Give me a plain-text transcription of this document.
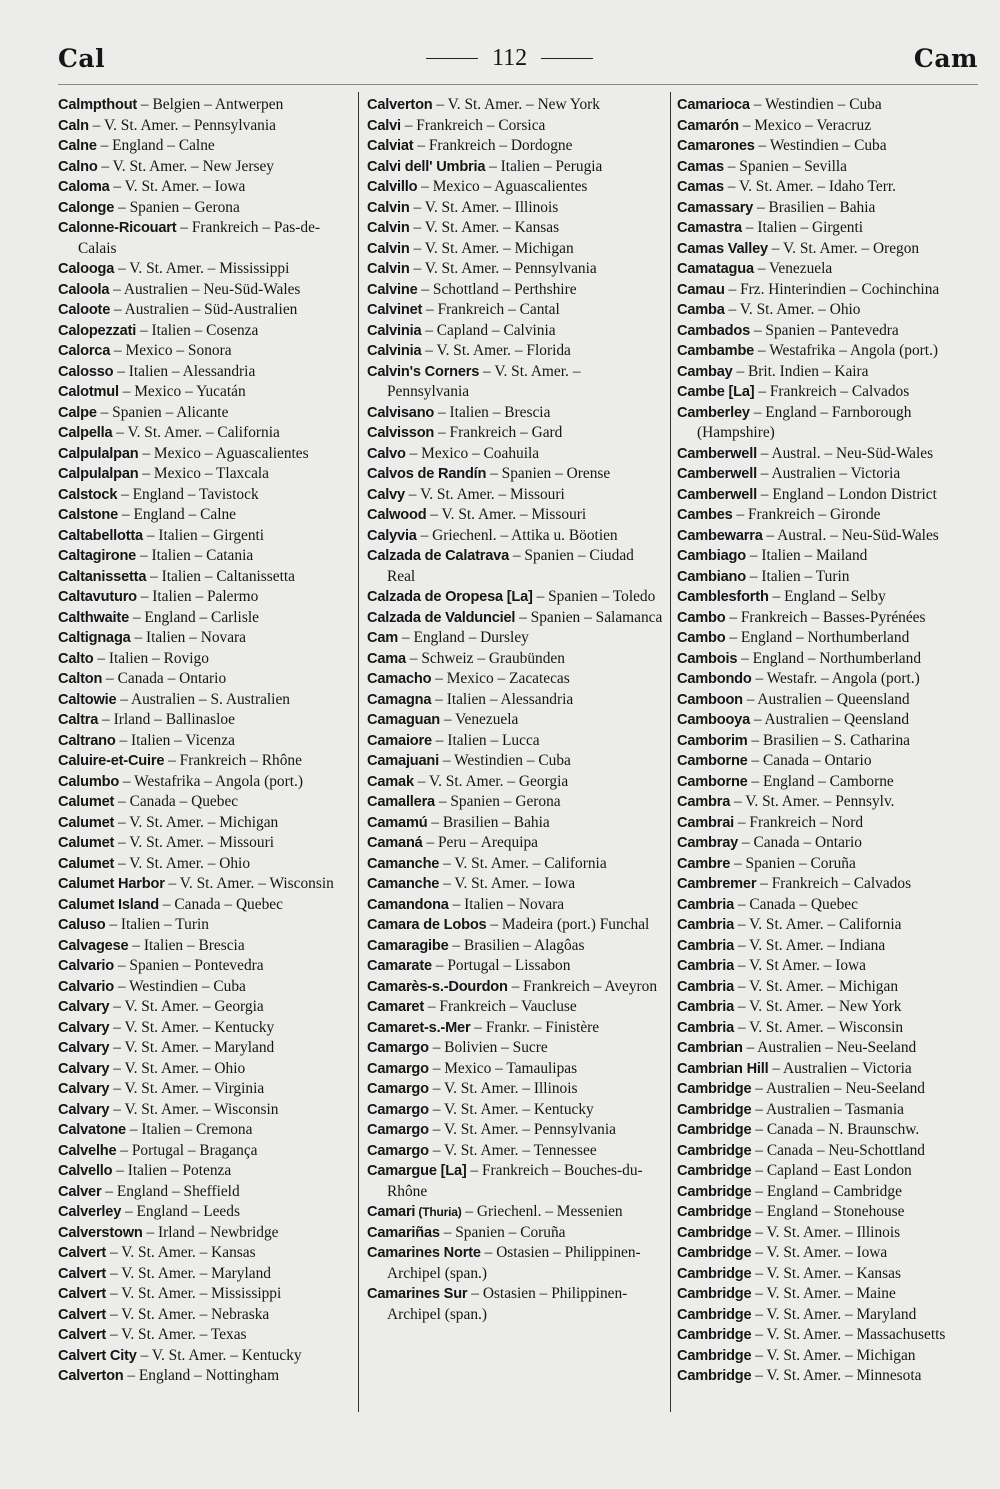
Cal	112	Cam
Calmpthout – Belgien – Antwerpen
Caln – V. St. Amer. – Pennsylvania
Calne – England – Calne
Calno – V. St. Amer. – New Jersey
Caloma – V. St. Amer. – Iowa
Calonge – Spanien – Gerona
Calonne-Ricouart – Frankreich – Pas-de-Calais
Calooga – V. St. Amer. – Mississippi
Caloola – Australien – Neu-Süd-Wales
Caloote – Australien – Süd-Australien
Calopezzati – Italien – Cosenza
Calorca – Mexico – Sonora
Calosso – Italien – Alessandria
Calotmul – Mexico – Yucatán
Calpe – Spanien – Alicante
Calpella – V. St. Amer. – California
Calpulalpan – Mexico – Aguascalientes
Calpulalpan – Mexico – Tlaxcala
Calstock – England – Tavistock
Calstone – England – Calne
Caltabellotta – Italien – Girgenti
Caltagirone – Italien – Catania
Caltanissetta – Italien – Caltanissetta
Caltavuturo – Italien – Palermo
Calthwaite – England – Carlisle
Caltignaga – Italien – Novara
Calto – Italien – Rovigo
Calton – Canada – Ontario
Caltowie – Australien – S. Australien
Caltra – Irland – Ballinasloe
Caltrano – Italien – Vicenza
Caluire-et-Cuire – Frankreich – Rhône
Calumbo – Westafrika – Angola (port.)
Calumet – Canada – Quebec
Calumet – V. St. Amer. – Michigan
Calumet – V. St. Amer. – Missouri
Calumet – V. St. Amer. – Ohio
Calumet Harbor – V. St. Amer. – Wisconsin
Calumet Island – Canada – Quebec
Caluso – Italien – Turin
Calvagese – Italien – Brescia
Calvario – Spanien – Pontevedra
Calvario – Westindien – Cuba
Calvary – V. St. Amer. – Georgia
Calvary – V. St. Amer. – Kentucky
Calvary – V. St. Amer. – Maryland
Calvary – V. St. Amer. – Ohio
Calvary – V. St. Amer. – Virginia
Calvary – V. St. Amer. – Wisconsin
Calvatone – Italien – Cremona
Calvelhe – Portugal – Bragança
Calvello – Italien – Potenza
Calver – England – Sheffield
Calverley – England – Leeds
Calverstown – Irland – Newbridge
Calvert – V. St. Amer. – Kansas
Calvert – V. St. Amer. – Maryland
Calvert – V. St. Amer. – Mississippi
Calvert – V. St. Amer. – Nebraska
Calvert – V. St. Amer. – Texas
Calvert City – V. St. Amer. – Kentucky
Calverton – England – Nottingham
Calverton – V. St. Amer. – New York
Calvi – Frankreich – Corsica
Calviat – Frankreich – Dordogne
Calvi dell' Umbria – Italien – Perugia
Calvillo – Mexico – Aguascalientes
Calvin – V. St. Amer. – Illinois
Calvin – V. St. Amer. – Kansas
Calvin – V. St. Amer. – Michigan
Calvin – V. St. Amer. – Pennsylvania
Calvine – Schottland – Perthshire
Calvinet – Frankreich – Cantal
Calvinia – Capland – Calvinia
Calvinia – V. St. Amer. – Florida
Calvin's Corners – V. St. Amer. – Pennsylvania
Calvisano – Italien – Brescia
Calvisson – Frankreich – Gard
Calvo – Mexico – Coahuila
Calvos de Randín – Spanien – Orense
Calvy – V. St. Amer. – Missouri
Calwood – V. St. Amer. – Missouri
Calyvia – Griechenl. – Attika u. Böotien
Calzada de Calatrava – Spanien – Ciudad Real
Calzada de Oropesa [La] – Spanien – Toledo
Calzada de Valdunciel – Spanien – Salamanca
Cam – England – Dursley
Cama – Schweiz – Graubünden
Camacho – Mexico – Zacatecas
Camagna – Italien – Alessandria
Camaguan – Venezuela
Camaiore – Italien – Lucca
Camajuani – Westindien – Cuba
Camak – V. St. Amer. – Georgia
Camallera – Spanien – Gerona
Camamú – Brasilien – Bahia
Camaná – Peru – Arequipa
Camanche – V. St. Amer. – California
Camanche – V. St. Amer. – Iowa
Camandona – Italien – Novara
Camara de Lobos – Madeira (port.) Funchal
Camaragibe – Brasilien – Alagôas
Camarate – Portugal – Lissabon
Camarès-s.-Dourdon – Frankreich – Aveyron
Camaret – Frankreich – Vaucluse
Camaret-s.-Mer – Frankr. – Finistère
Camargo – Bolivien – Sucre
Camargo – Mexico – Tamaulipas
Camargo – V. St. Amer. – Illinois
Camargo – V. St. Amer. – Kentucky
Camargo – V. St. Amer. – Pennsylvania
Camargo – V. St. Amer. – Tennessee
Camargue [La] – Frankreich – Bouches-du-Rhône
Camari (Thuria) – Griechenl. – Messenien
Camariñas – Spanien – Coruña
Camarines Norte – Ostasien – Philippinen-Archipel (span.)
Camarines Sur – Ostasien – Philippinen-Archipel (span.)
Camarioca – Westindien – Cuba
Camarón – Mexico – Veracruz
Camarones – Westindien – Cuba
Camas – Spanien – Sevilla
Camas – V. St. Amer. – Idaho Terr.
Camassary – Brasilien – Bahia
Camastra – Italien – Girgenti
Camas Valley – V. St. Amer. – Oregon
Camatagua – Venezuela
Camau – Frz. Hinterindien – Cochinchina
Camba – V. St. Amer. – Ohio
Cambados – Spanien – Pantevedra
Cambambe – Westafrika – Angola (port.)
Cambay – Brit. Indien – Kaira
Cambe [La] – Frankreich – Calvados
Camberley – England – Farnborough (Hampshire)
Camberwell – Austral. – Neu-Süd-Wales
Camberwell – Australien – Victoria
Camberwell – England – London District
Cambes – Frankreich – Gironde
Cambewarra – Austral. – Neu-Süd-Wales
Cambiago – Italien – Mailand
Cambiano – Italien – Turin
Camblesforth – England – Selby
Cambo – Frankreich – Basses-Pyrénées
Cambo – England – Northumberland
Cambois – England – Northumberland
Cambondo – Westafr. – Angola (port.)
Camboon – Australien – Queensland
Cambooya – Australien – Qeensland
Camborim – Brasilien – S. Catharina
Camborne – Canada – Ontario
Camborne – England – Camborne
Cambra – V. St. Amer. – Pennsylv.
Cambrai – Frankreich – Nord
Cambray – Canada – Ontario
Cambre – Spanien – Coruña
Cambremer – Frankreich – Calvados
Cambria – Canada – Quebec
Cambria – V. St. Amer. – California
Cambria – V. St. Amer. – Indiana
Cambria – V. St Amer. – Iowa
Cambria – V. St. Amer. – Michigan
Cambria – V. St. Amer. – New York
Cambria – V. St. Amer. – Wisconsin
Cambrian – Australien – Neu-Seeland
Cambrian Hill – Australien – Victoria
Cambridge – Australien – Neu-Seeland
Cambridge – Australien – Tasmania
Cambridge – Canada – N. Braunschw.
Cambridge – Canada – Neu-Schottland
Cambridge – Capland – East London
Cambridge – England – Cambridge
Cambridge – England – Stonehouse
Cambridge – V. St. Amer. – Illinois
Cambridge – V. St. Amer. – Iowa
Cambridge – V. St. Amer. – Kansas
Cambridge – V. St. Amer. – Maine
Cambridge – V. St. Amer. – Maryland
Cambridge – V. St. Amer. – Massachusetts
Cambridge – V. St. Amer. – Michigan
Cambridge – V. St. Amer. – Minnesota
